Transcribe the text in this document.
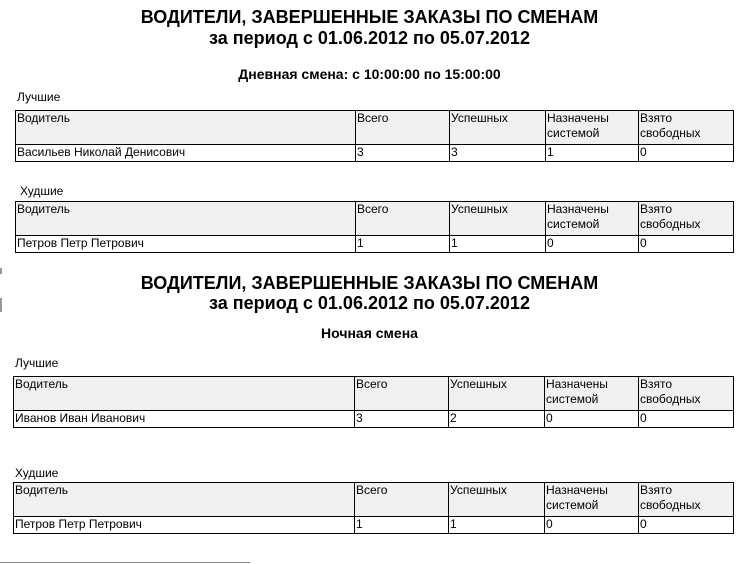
ВОДИТЕЛИ, ЗАВЕРШЕННЫЕ ЗАКАЗЫ ПО СМЕНАМ
за период с 01.06.2012 по 05.07.2012
Дневная смена: с 10:00:00 по 15:00:00
Лучшие
Водитель	Всего	Успешных	Назначены системой	Взято свободных
Васильев Николай Денисович	3	3	1	0
Худшие
Водитель	Всего	Успешных	Назначены системой	Взято свободных
Петров Петр Петрович	1	1	0	0
ВОДИТЕЛИ, ЗАВЕРШЕННЫЕ ЗАКАЗЫ ПО СМЕНАМ
за период с 01.06.2012 по 05.07.2012
Ночная смена
Лучшие
Водитель	Всего	Успешных	Назначены системой	Взято свободных
Иванов Иван Иванович	3	2	0	0
Худшие
Водитель	Всего	Успешных	Назначены системой	Взято свободных
Петров Петр Петрович	1	1	0	0
